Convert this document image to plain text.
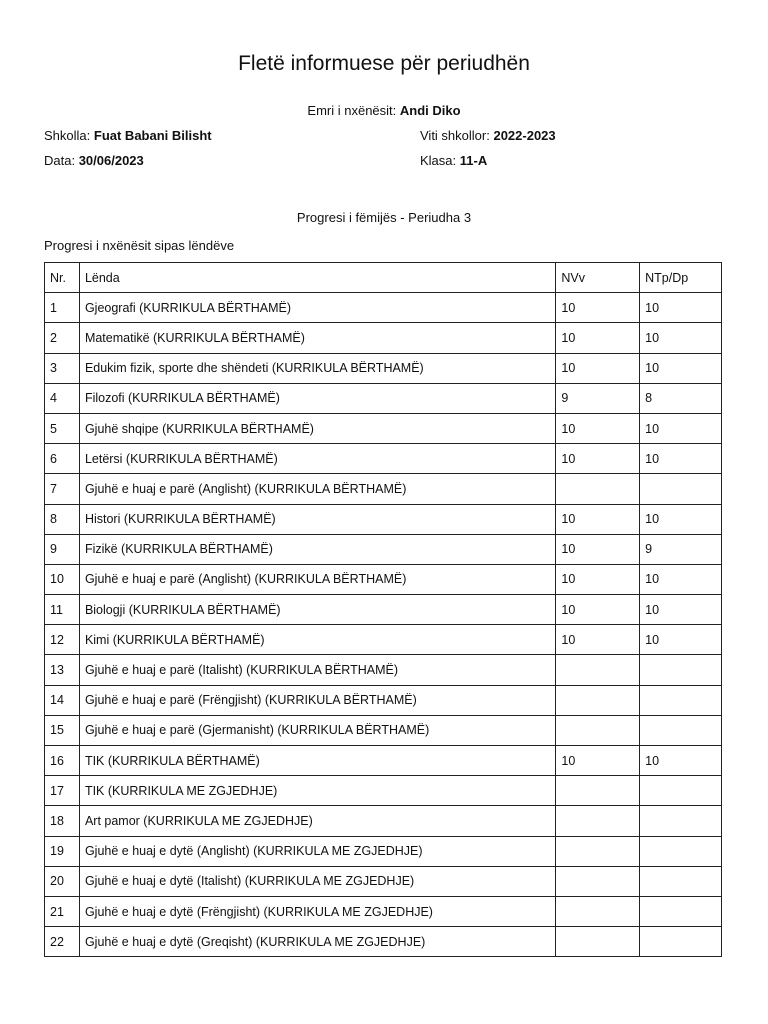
Fletë informuese për periudhën
Emri i nxënësit: Andi Diko
Shkolla: Fuat Babani Bilisht	Viti shkollor: 2022-2023
Data: 30/06/2023	Klasa: 11-A
Progresi i fëmijës - Periudha 3
Progresi i nxënësit sipas lëndëve
Nr.	Lënda	NVv	NTp/Dp
1	Gjeografi (KURRIKULA BËRTHAMË)	10	10
2	Matematikë (KURRIKULA BËRTHAMË)	10	10
3	Edukim fizik, sporte dhe shëndeti (KURRIKULA BËRTHAMË)	10	10
4	Filozofi (KURRIKULA BËRTHAMË)	9	8
5	Gjuhë shqipe (KURRIKULA BËRTHAMË)	10	10
6	Letërsi (KURRIKULA BËRTHAMË)	10	10
7	Gjuhë e huaj e parë (Anglisht) (KURRIKULA BËRTHAMË)		
8	Histori (KURRIKULA BËRTHAMË)	10	10
9	Fizikë (KURRIKULA BËRTHAMË)	10	9
10	Gjuhë e huaj e parë (Anglisht) (KURRIKULA BËRTHAMË)	10	10
11	Biologji (KURRIKULA BËRTHAMË)	10	10
12	Kimi (KURRIKULA BËRTHAMË)	10	10
13	Gjuhë e huaj e parë (Italisht) (KURRIKULA BËRTHAMË)		
14	Gjuhë e huaj e parë (Frëngjisht) (KURRIKULA BËRTHAMË)		
15	Gjuhë e huaj e parë (Gjermanisht) (KURRIKULA BËRTHAMË)		
16	TIK (KURRIKULA BËRTHAMË)	10	10
17	TIK (KURRIKULA ME ZGJEDHJE)		
18	Art pamor (KURRIKULA ME ZGJEDHJE)		
19	Gjuhë e huaj e dytë (Anglisht) (KURRIKULA ME ZGJEDHJE)		
20	Gjuhë e huaj e dytë (Italisht) (KURRIKULA ME ZGJEDHJE)		
21	Gjuhë e huaj e dytë (Frëngjisht) (KURRIKULA ME ZGJEDHJE)		
22	Gjuhë e huaj e dytë (Greqisht) (KURRIKULA ME ZGJEDHJE)		
